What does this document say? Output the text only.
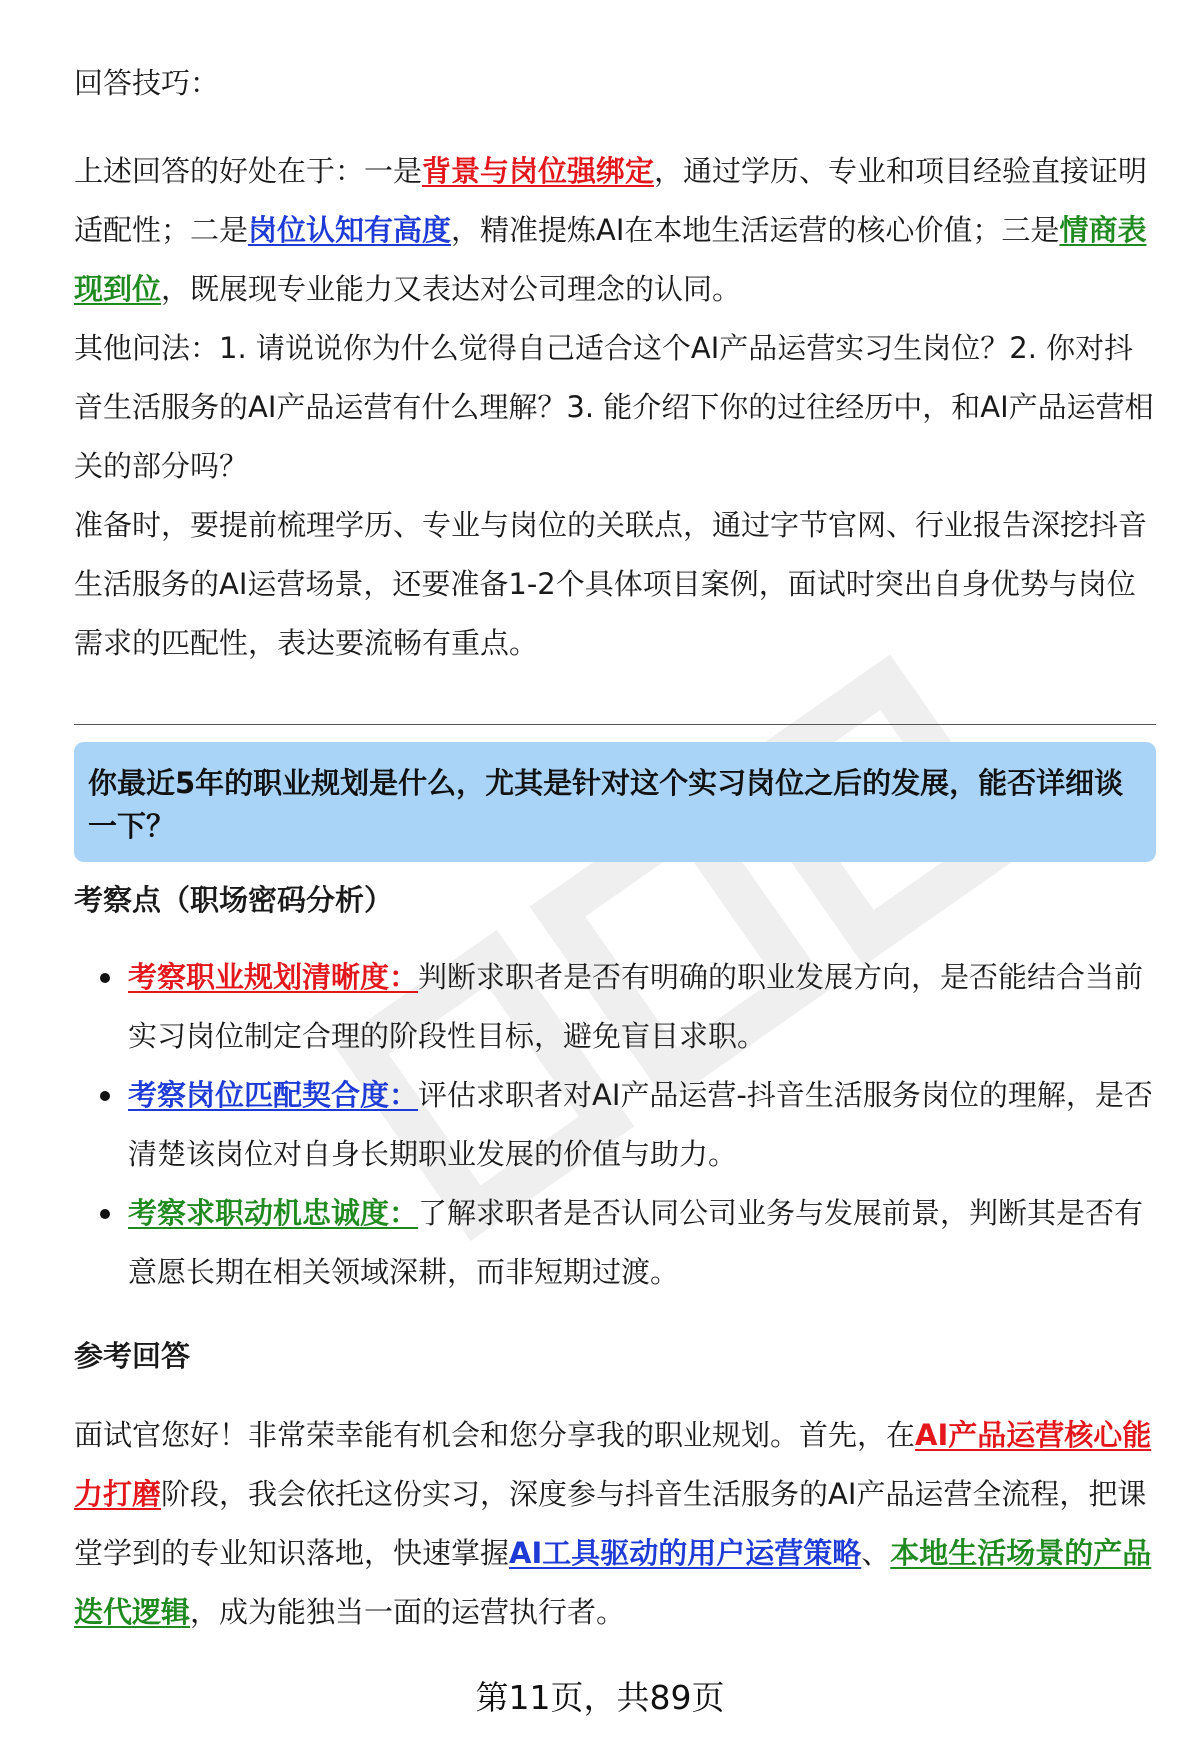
回答技巧：

上述回答的好处在于：一是背景与岗位强绑定，通过学历、专业和项目经验直接证明适配性；二是岗位认知有高度，精准提炼AI在本地生活运营的核心价值；三是情商表现到位，既展现专业能力又表达对公司理念的认同。

其他问法：1. 请说说你为什么觉得自己适合这个AI产品运营实习生岗位？2. 你对抖音生活服务的AI产品运营有什么理解？3. 能介绍下你的过往经历中，和AI产品运营相关的部分吗？

准备时，要提前梳理学历、专业与岗位的关联点，通过字节官网、行业报告深挖抖音生活服务的AI运营场景，还要准备1-2个具体项目案例，面试时突出自身优势与岗位需求的匹配性，表达要流畅有重点。

你最近5年的职业规划是什么，尤其是针对这个实习岗位之后的发展，能否详细谈一下？

考察点（职场密码分析）
考察职业规划清晰度：判断求职者是否有明确的职业发展方向，是否能结合当前实习岗位制定合理的阶段性目标，避免盲目求职。
考察岗位匹配契合度：评估求职者对AI产品运营-抖音生活服务岗位的理解，是否清楚该岗位对自身长期职业发展的价值与助力。
考察求职动机忠诚度：了解求职者是否认同公司业务与发展前景，判断其是否有意愿长期在相关领域深耕，而非短期过渡。
参考回答

面试官您好！非常荣幸能有机会和您分享我的职业规划。首先，在AI产品运营核心能力打磨阶段，我会依托这份实习，深度参与抖音生活服务的AI产品运营全流程，把课堂学到的专业知识落地，快速掌握AI工具驱动的用户运营策略、本地生活场景的产品迭代逻辑，成为能独当一面的运营执行者。

第11页，共89页
